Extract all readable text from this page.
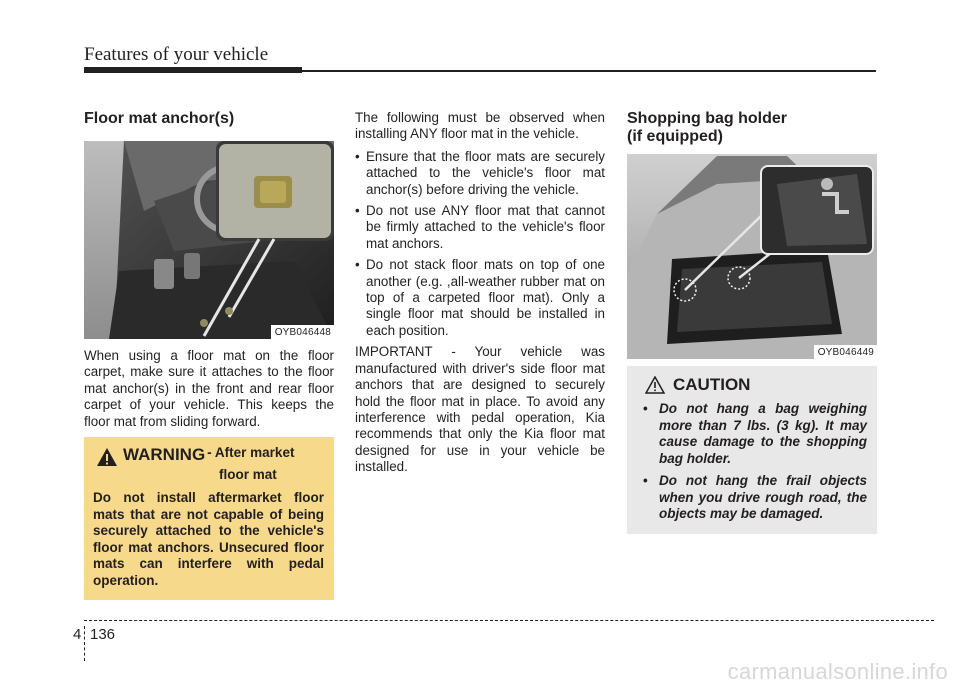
Features of your vehicle
Floor mat anchor(s)
OYB046448

When using a floor mat on the floor carpet, make sure it attaches to the floor mat anchor(s) in the front and rear floor carpet of your vehicle. This keeps the floor mat from sliding forward.

WARNING - After market
floor mat
Do not install aftermarket floor mats that are not capable of being securely attached to the vehicle's floor mat anchors. Unsecured floor mats can interfere with pedal operation.

The following must be observed when installing ANY floor mat in the vehicle.

• Ensure that the floor mats are securely attached to the vehicle's floor mat anchor(s) before driving the vehicle.
• Do not use ANY floor mat that cannot be firmly attached to the vehicle's floor mat anchors.
• Do not stack floor mats on top of one another (e.g. ,all-weather rubber mat on top of a carpeted floor mat). Only a single floor mat should be installed in each position.

IMPORTANT - Your vehicle was manufactured with driver's side floor mat anchors that are designed to securely hold the floor mat in place. To avoid any interference with pedal operation, Kia recommends that only the Kia floor mat designed for use in your vehicle be installed.

Shopping bag holder
(if equipped)
OYB046449
CAUTION
• Do not hang a bag weighing more than 7 lbs. (3 kg). It may cause damage to the shopping bag holder.
• Do not hang the frail objects when you drive rough road, the objects may be damaged.
4 136
carmanualsonline.info
